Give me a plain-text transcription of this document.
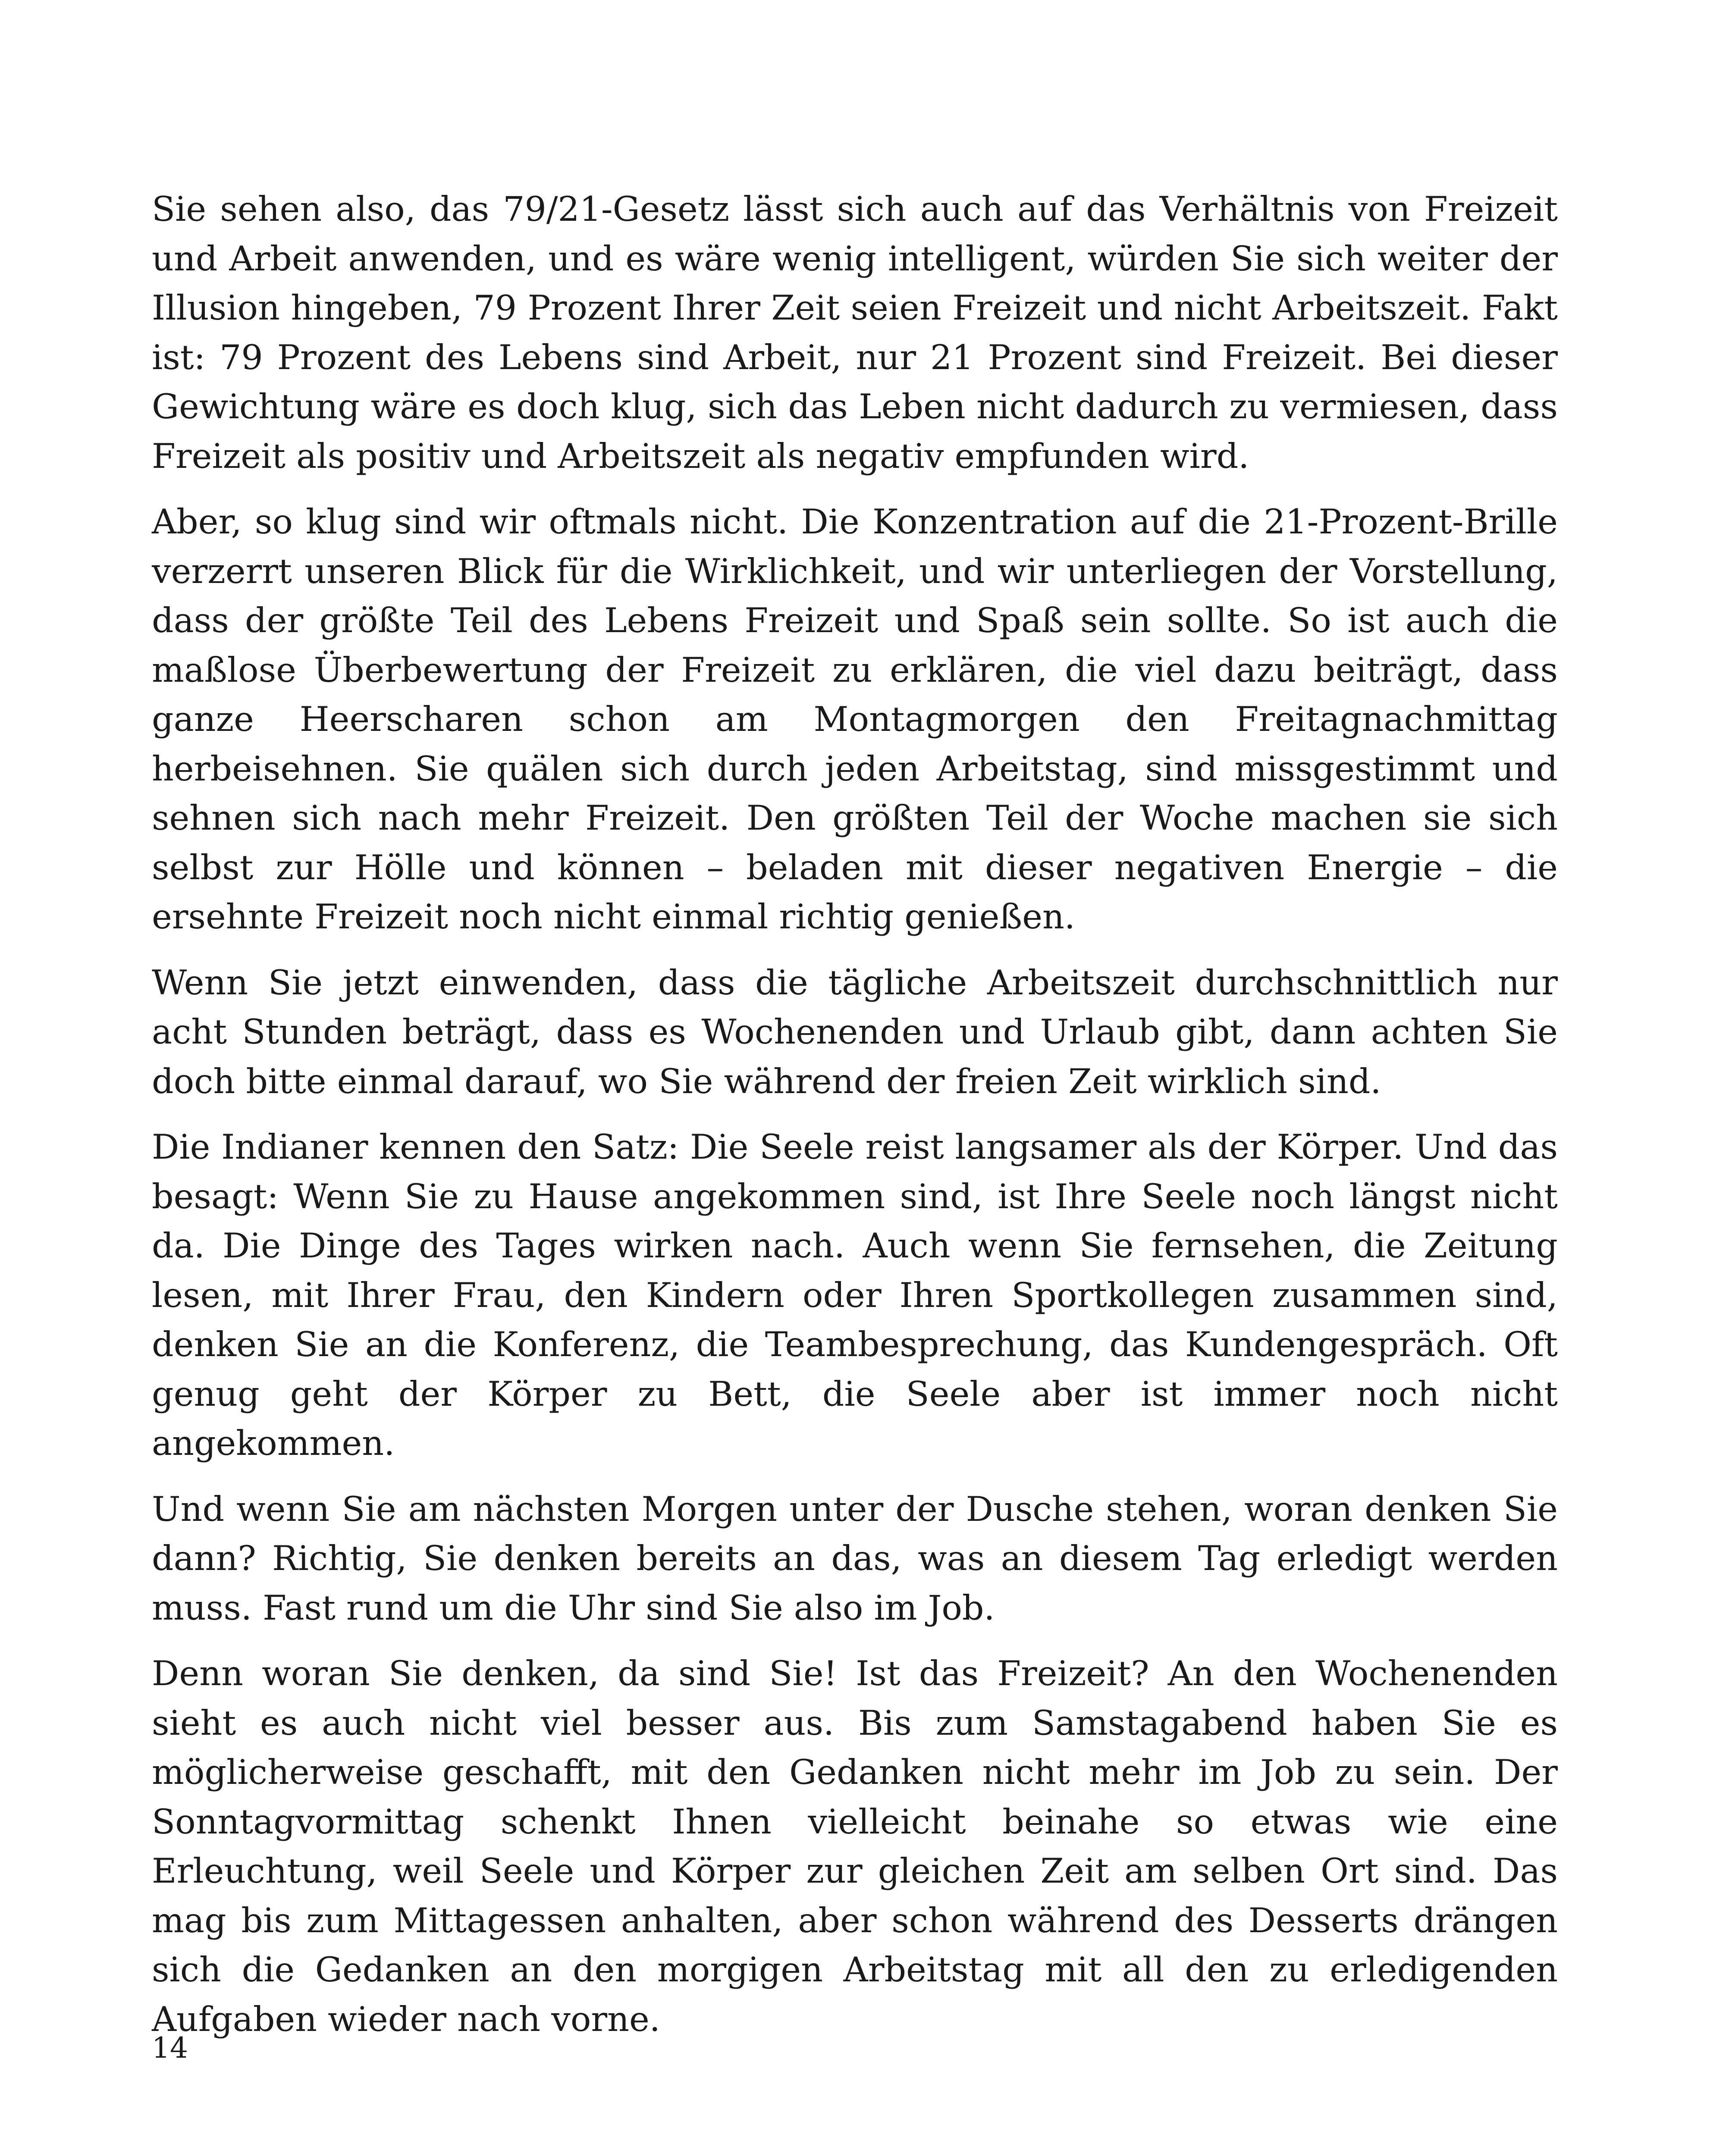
Sie sehen also, das 79/21-Gesetz lässt sich auch auf das Verhältnis von Freizeit und Arbeit anwenden, und es wäre wenig intelligent, würden Sie sich weiter der Illusion hingeben, 79 Prozent Ihrer Zeit seien Freizeit und nicht Arbeitszeit. Fakt ist: 79 Prozent des Lebens sind Arbeit, nur 21 Prozent sind Freizeit. Bei dieser Gewichtung wäre es doch klug, sich das Leben nicht dadurch zu vermiesen, dass Freizeit als positiv und Arbeitszeit als negativ empfunden wird.

Aber, so klug sind wir oftmals nicht. Die Konzentration auf die 21-Prozent-Brille verzerrt unseren Blick für die Wirklichkeit, und wir unterliegen der Vorstellung, dass der größte Teil des Lebens Freizeit und Spaß sein sollte. So ist auch die maßlose Überbewertung der Freizeit zu erklären, die viel dazu beiträgt, dass ganze Heerscharen schon am Montagmorgen den Freitagnachmittag herbeisehnen. Sie quälen sich durch jeden Arbeitstag, sind missgestimmt und sehnen sich nach mehr Freizeit. Den größten Teil der Woche machen sie sich selbst zur Hölle und können – beladen mit dieser negativen Energie – die ersehnte Freizeit noch nicht einmal richtig genießen.

Wenn Sie jetzt einwenden, dass die tägliche Arbeitszeit durchschnittlich nur acht Stunden beträgt, dass es Wochenenden und Urlaub gibt, dann achten Sie doch bitte einmal darauf, wo Sie während der freien Zeit wirklich sind.

Die Indianer kennen den Satz: Die Seele reist langsamer als der Körper. Und das besagt: Wenn Sie zu Hause angekommen sind, ist Ihre Seele noch längst nicht da. Die Dinge des Tages wirken nach. Auch wenn Sie fernsehen, die Zeitung lesen, mit Ihrer Frau, den Kindern oder Ihren Sportkollegen zusammen sind, denken Sie an die Konferenz, die Teambesprechung, das Kundengespräch. Oft genug geht der Körper zu Bett, die Seele aber ist immer noch nicht angekommen.

Und wenn Sie am nächsten Morgen unter der Dusche stehen, woran denken Sie dann? Richtig, Sie denken bereits an das, was an diesem Tag erledigt werden muss. Fast rund um die Uhr sind Sie also im Job.

Denn woran Sie denken, da sind Sie! Ist das Freizeit? An den Wochenenden sieht es auch nicht viel besser aus. Bis zum Samstagabend haben Sie es möglicherweise geschafft, mit den Gedanken nicht mehr im Job zu sein. Der Sonntagvormittag schenkt Ihnen vielleicht beinahe so etwas wie eine Erleuchtung, weil Seele und Körper zur gleichen Zeit am selben Ort sind. Das mag bis zum Mittagessen anhalten, aber schon während des Desserts drängen sich die Gedanken an den morgigen Arbeitstag mit all den zu erledigenden Aufgaben wieder nach vorne.

14
